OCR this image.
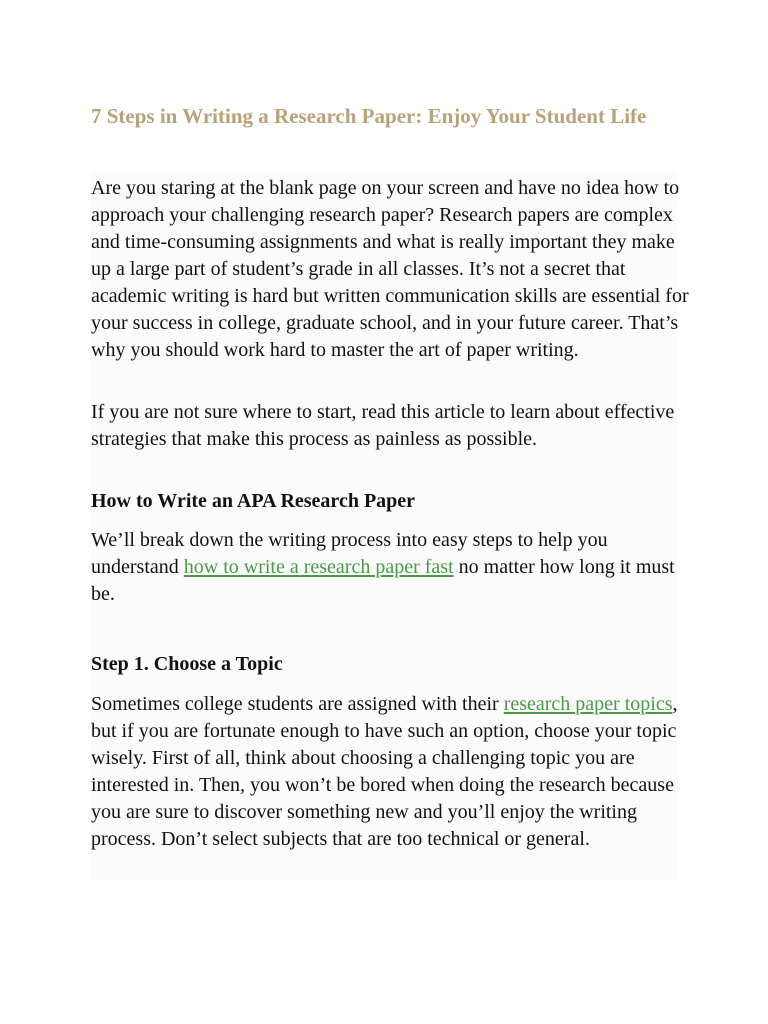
7 Steps in Writing a Research Paper: Enjoy Your Student Life

Are you staring at the blank page on your screen and have no idea how to approach your challenging research paper? Research papers are complex and time-consuming assignments and what is really important they make up a large part of student’s grade in all classes. It’s not a secret that academic writing is hard but written communication skills are essential for your success in college, graduate school, and in your future career. That’s why you should work hard to master the art of paper writing.

If you are not sure where to start, read this article to learn about effective strategies that make this process as painless as possible.

How to Write an APA Research Paper

We’ll break down the writing process into easy steps to help you understand how to write a research paper fast no matter how long it must be.

Step 1. Choose a Topic

Sometimes college students are assigned with their research paper topics, but if you are fortunate enough to have such an option, choose your topic wisely. First of all, think about choosing a challenging topic you are interested in. Then, you won’t be bored when doing the research because you are sure to discover something new and you’ll enjoy the writing process. Don’t select subjects that are too technical or general.
